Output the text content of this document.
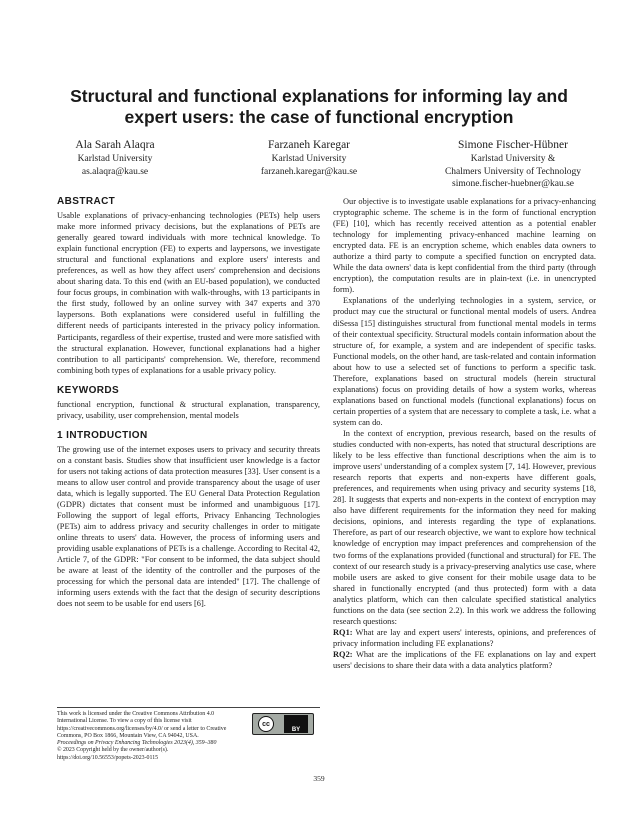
Structural and functional explanations for informing lay and
expert users: the case of functional encryption
Ala Sarah Alaqra
Karlstad University
as.alaqra@kau.se
Farzaneh Karegar
Karlstad University
farzaneh.karegar@kau.se
Simone Fischer-Hübner
Karlstad University &
Chalmers University of Technology
simone.fischer-huebner@kau.se
ABSTRACT

Usable explanations of privacy-enhancing technologies (PETs) help users make more informed privacy decisions, but the explanations of PETs are generally geared toward individuals with more technical knowledge. To explain functional encryption (FE) to experts and laypersons, we investigate structural and functional explanations and explore users' interests and preferences, as well as how they affect users' comprehension and decisions about sharing data. To this end (with an EU-based population), we conducted four focus groups, in combination with walk-throughs, with 13 participants in the first study, followed by an online survey with 347 experts and 370 laypersons. Both explanations were considered useful in fulfilling the different needs of participants interested in the privacy policy information. Participants, regardless of their expertise, trusted and were more satisfied with the structural explanation. However, functional explanations had a higher contribution to all participants' comprehension. We, therefore, recommend combining both types of explanations for a usable privacy policy.

KEYWORDS

functional encryption, functional & structural explanation, transparency, privacy, usability, user comprehension, mental models

1 INTRODUCTION

The growing use of the internet exposes users to privacy and security threats on a constant basis. Studies show that insufficient user knowledge is a factor for users not taking actions of data protection measures [33]. User consent is a means to allow user control and provide transparency about the usage of user data, which is legally supported. The EU General Data Protection Regulation (GDPR) dictates that consent must be informed and unambiguous [17]. Following the support of legal efforts, Privacy Enhancing Technologies (PETs) aim to address privacy and security challenges in order to mitigate online threats to users' data. However, the process of informing users and providing usable explanations of PETs is a challenge. According to Recital 42, Article 7, of the GDPR: "For consent to be informed, the data subject should be aware at least of the identity of the controller and the purposes of the processing for which the personal data are intended" [17]. The challenge of informing users extends with the fact that the design of security descriptions does not seem to be usable for end users [6].

This work is licensed under the Creative Commons Attribution 4.0 International License. To view a copy of this license visit https://creativecommons.org/licenses/by/4.0/ or send a letter to Creative Commons, PO Box 1866, Mountain View, CA 94042, USA.
cc
BY
Proceedings on Privacy Enhancing Technologies 2023(4), 359–380
© 2023 Copyright held by the owner/author(s).
https://doi.org/10.56553/popets-2023-0115

Our objective is to investigate usable explanations for a privacy-enhancing cryptographic scheme. The scheme is in the form of functional encryption (FE) [10], which has recently received attention as a potential enabler technology for implementing privacy-enhanced machine learning on encrypted data. FE is an encryption scheme, which enables data owners to authorize a third party to compute a specified function on encrypted data. While the data owners' data is kept confidential from the third party (through encryption), the computation results are in plain-text (i.e. in unencrypted form).

Explanations of the underlying technologies in a system, service, or product may cue the structural or functional mental models of users. Andrea diSessa [15] distinguishes structural from functional mental models in terms of their contextual specificity. Structural models contain information about the structure of, for example, a system and are independent of specific tasks. Functional models, on the other hand, are task-related and contain information about how to use a selected set of functions to perform a specific task. Therefore, explanations based on structural models (herein structural explanations) focus on providing details of how a system works, whereas explanations based on functional models (functional explanations) focus on certain properties of a system that are necessary to complete a task, i.e. what a system can do.

In the context of encryption, previous research, based on the results of studies conducted with non-experts, has noted that structural descriptions are likely to be less effective than functional descriptions when the aim is to improve users' understanding of a complex system [7, 14]. However, previous research reports that experts and non-experts have different goals, preferences, and requirements when using privacy and security systems [18, 28]. It suggests that experts and non-experts in the context of encryption may also have different requirements for the information they need for making decisions, opinions, and interests regarding the type of explanations. Therefore, as part of our research objective, we want to explore how technical knowledge of encryption may impact preferences and comprehension of the two forms of the explanations provided (functional and structural) for FE. The context of our research study is a privacy-preserving analytics use case, where mobile users are asked to give consent for their mobile usage data to be shared in functionally encrypted (and thus protected) form with a data analytics platform, which can then calculate specified statistical analytics functions on the data (see section 2.2). In this work we address the following research questions:

RQ1: What are lay and expert users' interests, opinions, and preferences of privacy information including FE explanations?

RQ2: What are the implications of the FE explanations on lay and expert users' decisions to share their data with a data analytics platform?

359
